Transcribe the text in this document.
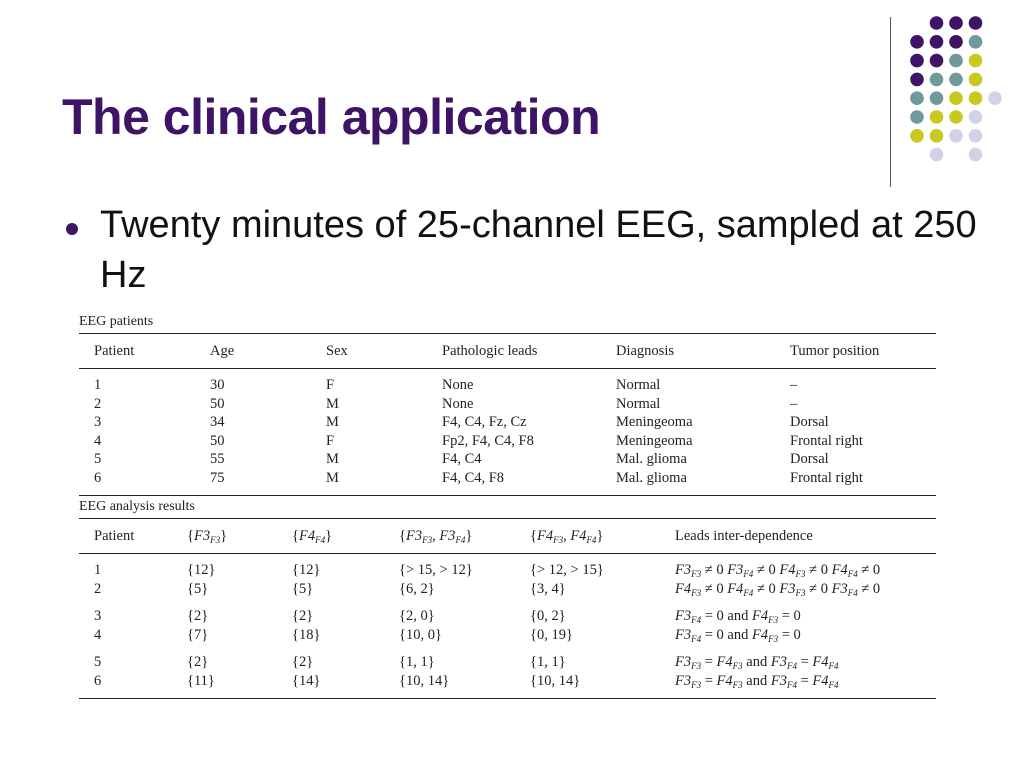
The clinical application
Twenty minutes of 25-channel EEG, sampled at 250 Hz
EEG patients
Patient	Age	Sex	Pathologic leads	Diagnosis	Tumor position
1	30	F	None	Normal	–
2	50	M	None	Normal	–
3	34	M	F4, C4, Fz, Cz	Meningeoma	Dorsal
4	50	F	Fp2, F4, C4, F8	Meningeoma	Frontal right
5	55	M	F4, C4	Mal. glioma	Dorsal
6	75	M	F4, C4, F8	Mal. glioma	Frontal right
EEG analysis results
Patient	$\{F3_{F3}\}$	$\{F4_{F4}\}$	{$F3_{F3}$, $F3_{F4}$}	{$F4_{F3}$, $F4_{F4}$}	Leads inter-dependence
1	{12}	{12}	{> 15, > 12}	{> 12, > 15}	$F3_{F3} \ne 0$ $F3_{F4} \ne 0$ $F4_{F3} \ne 0$ $F4_{F4} \ne 0$
2	{5}	{5}	{6, 2}	{3, 4}	$F4_{F3} \ne 0$ $F4_{F4} \ne 0$ $F3_{F3} \ne 0$ $F3_{F4} \ne 0$
3	{2}	{2}	{2, 0}	{0, 2}	$F3_{F4} = 0$ and $F4_{F3} = 0$
4	{7}	{18}	{10, 0}	{0, 19}	$F3_{F4} = 0$ and $F4_{F3} = 0$
5	{2}	{2}	{1, 1}	{1, 1}	$F3_{F3} = F4_{F3}$ and $F3_{F4} = F4_{F4}$
6	{11}	{14}	{10, 14}	{10, 14}	$F3_{F3} = F4_{F3}$ and $F3_{F4} = F4_{F4}$
